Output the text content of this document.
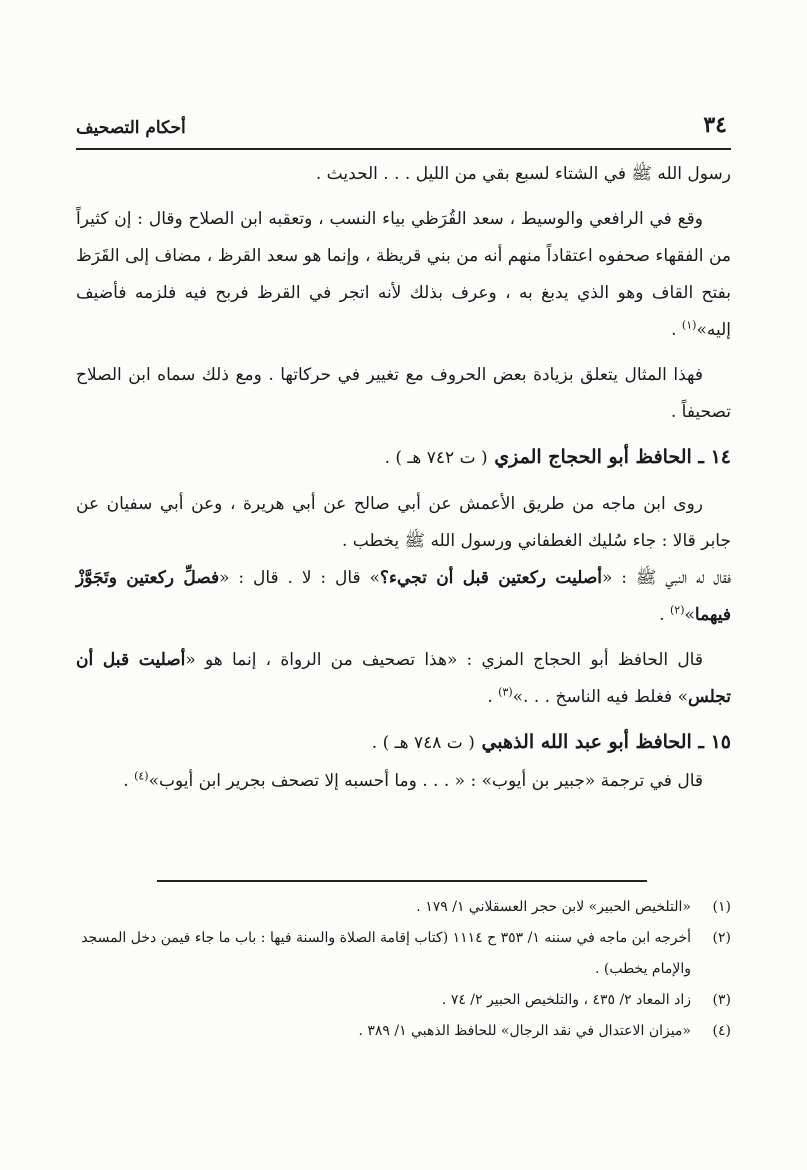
٣٤
أحكام التصحيف
رسول الله ﷺ في الشتاء لسبع بقي من الليل . . . الحديث .
وقع في الرافعي والوسيط ، سعد القُرَظي بياء النسب ، وتعقبه ابن الصلاح وقال : إن كثيراً من الفقهاء صحفوه اعتقاداً منهم أنه من بني قريظة ، وإنما هو سعد القرظ ، مضاف إلى القَرَظ بفتح القاف وهو الذي يدبغ به ، وعرف بذلك لأنه اتجر في القرظ فربح فيه فلزمه فأضيف إليه»$^{(١)}$ .
فهذا المثال يتعلق بزيادة بعض الحروف مع تغيير في حركاتها . ومع ذلك سماه ابن الصلاح تصحيفاً .
١٤ ـ الحافظ أبو الحجاج المزي ( ت ٧٤٢ هـ ) .
روى ابن ماجه من طريق الأعمش عن أبي صالح عن أبي هريرة ، وعن أبي سفيان عن جابر قالا : جاء سُليك الغطفاني ورسول الله ﷺ يخطب .
فقال له النبي ﷺ : «أصليت ركعتين قبل أن تجيء؟» قال : لا . قال : «فصلِّ ركعتين وتَجَوَّزْ فيهما»$^{(٢)}$ .
قال الحافظ أبو الحجاج المزي : «هذا تصحيف من الرواة ، إنما هو «أصليت قبل أن تجلس» فغلط فيه الناسخ . . .»$^{(٣)}$ .
١٥ ـ الحافظ أبو عبد الله الذهبي ( ت ٧٤٨ هـ ) .
قال في ترجمة «جبير بن أيوب» : « . . . وما أحسبه إلا تصحف بجرير ابن أيوب»$^{(٤)}$ .
(١)
«التلخيص الحبير» لابن حجر العسقلاني ١/ ١٧٩ .
(٢)
أخرجه ابن ماجه في سننه ١/ ٣٥٣ ح ١١١٤ (كتاب إقامة الصلاة والسنة فيها : باب ما جاء فيمن دخل المسجد والإمام يخطب) .
(٣)
زاد المعاد ٢/ ٤٣٥ ، والتلخيص الحبير ٢/ ٧٤ .
(٤)
«ميزان الاعتدال في نقد الرجال» للحافظ الذهبي ١/ ٣٨٩ .
